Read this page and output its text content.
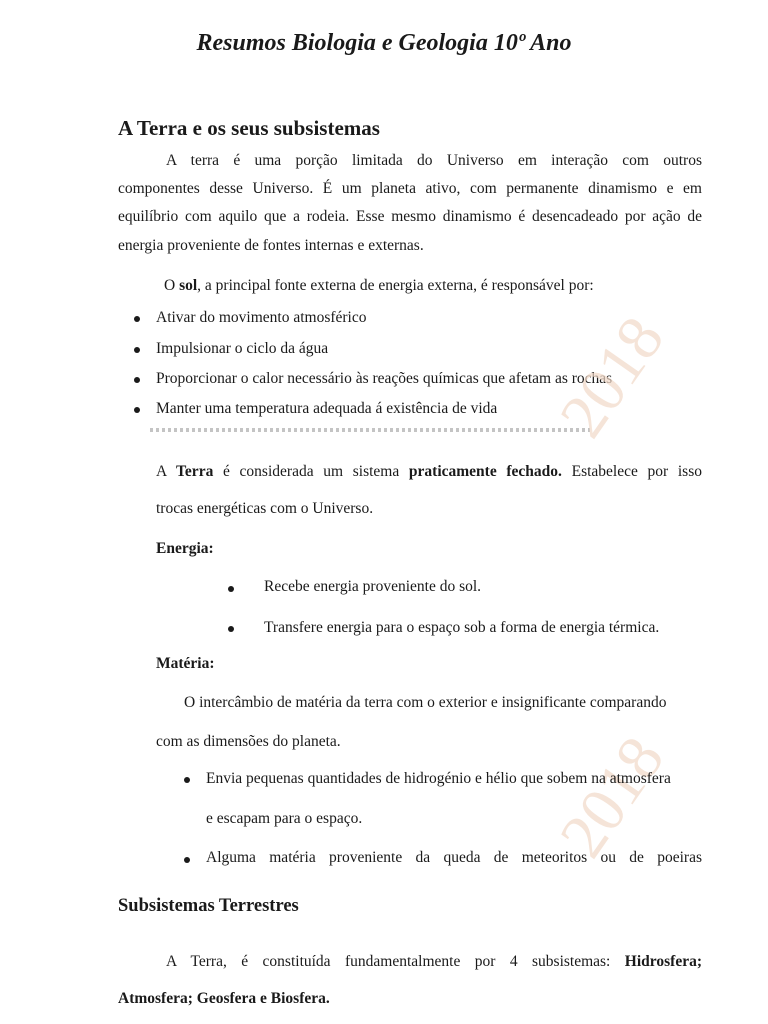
Resumos Biologia e Geologia 10º Ano
A Terra e os seus subsistemas
A terra é uma porção limitada do Universo em interação com outros
componentes desse Universo. É um planeta ativo, com permanente dinamismo e em
equilíbrio com aquilo que a rodeia. Esse mesmo dinamismo é desencadeado por ação de
energia proveniente de fontes internas e externas.
O sol, a principal fonte externa de energia externa, é responsável por:
Ativar do movimento atmosférico
Impulsionar o ciclo da água
Proporcionar o calor necessário às reações químicas que afetam as rochas
Manter uma temperatura adequada á existência de vida 2018
2018
A Terra é considerada um sistema praticamente fechado. Estabelece por isso
trocas energéticas com o Universo.
Energia:
Recebe energia proveniente do sol.
Transfere energia para o espaço sob a forma de energia térmica.
Matéria:
O intercâmbio de matéria da terra com o exterior e insignificante comparando
com as dimensões do planeta.
Envia pequenas quantidades de hidrogénio e hélio que sobem na atmosfera
e escapam para o espaço.
Alguma matéria proveniente da queda de meteoritos ou de poeiras
Subsistemas Terrestres
A Terra, é constituída fundamentalmente por 4 subsistemas: Hidrosfera;
Atmosfera; Geosfera e Biosfera.
